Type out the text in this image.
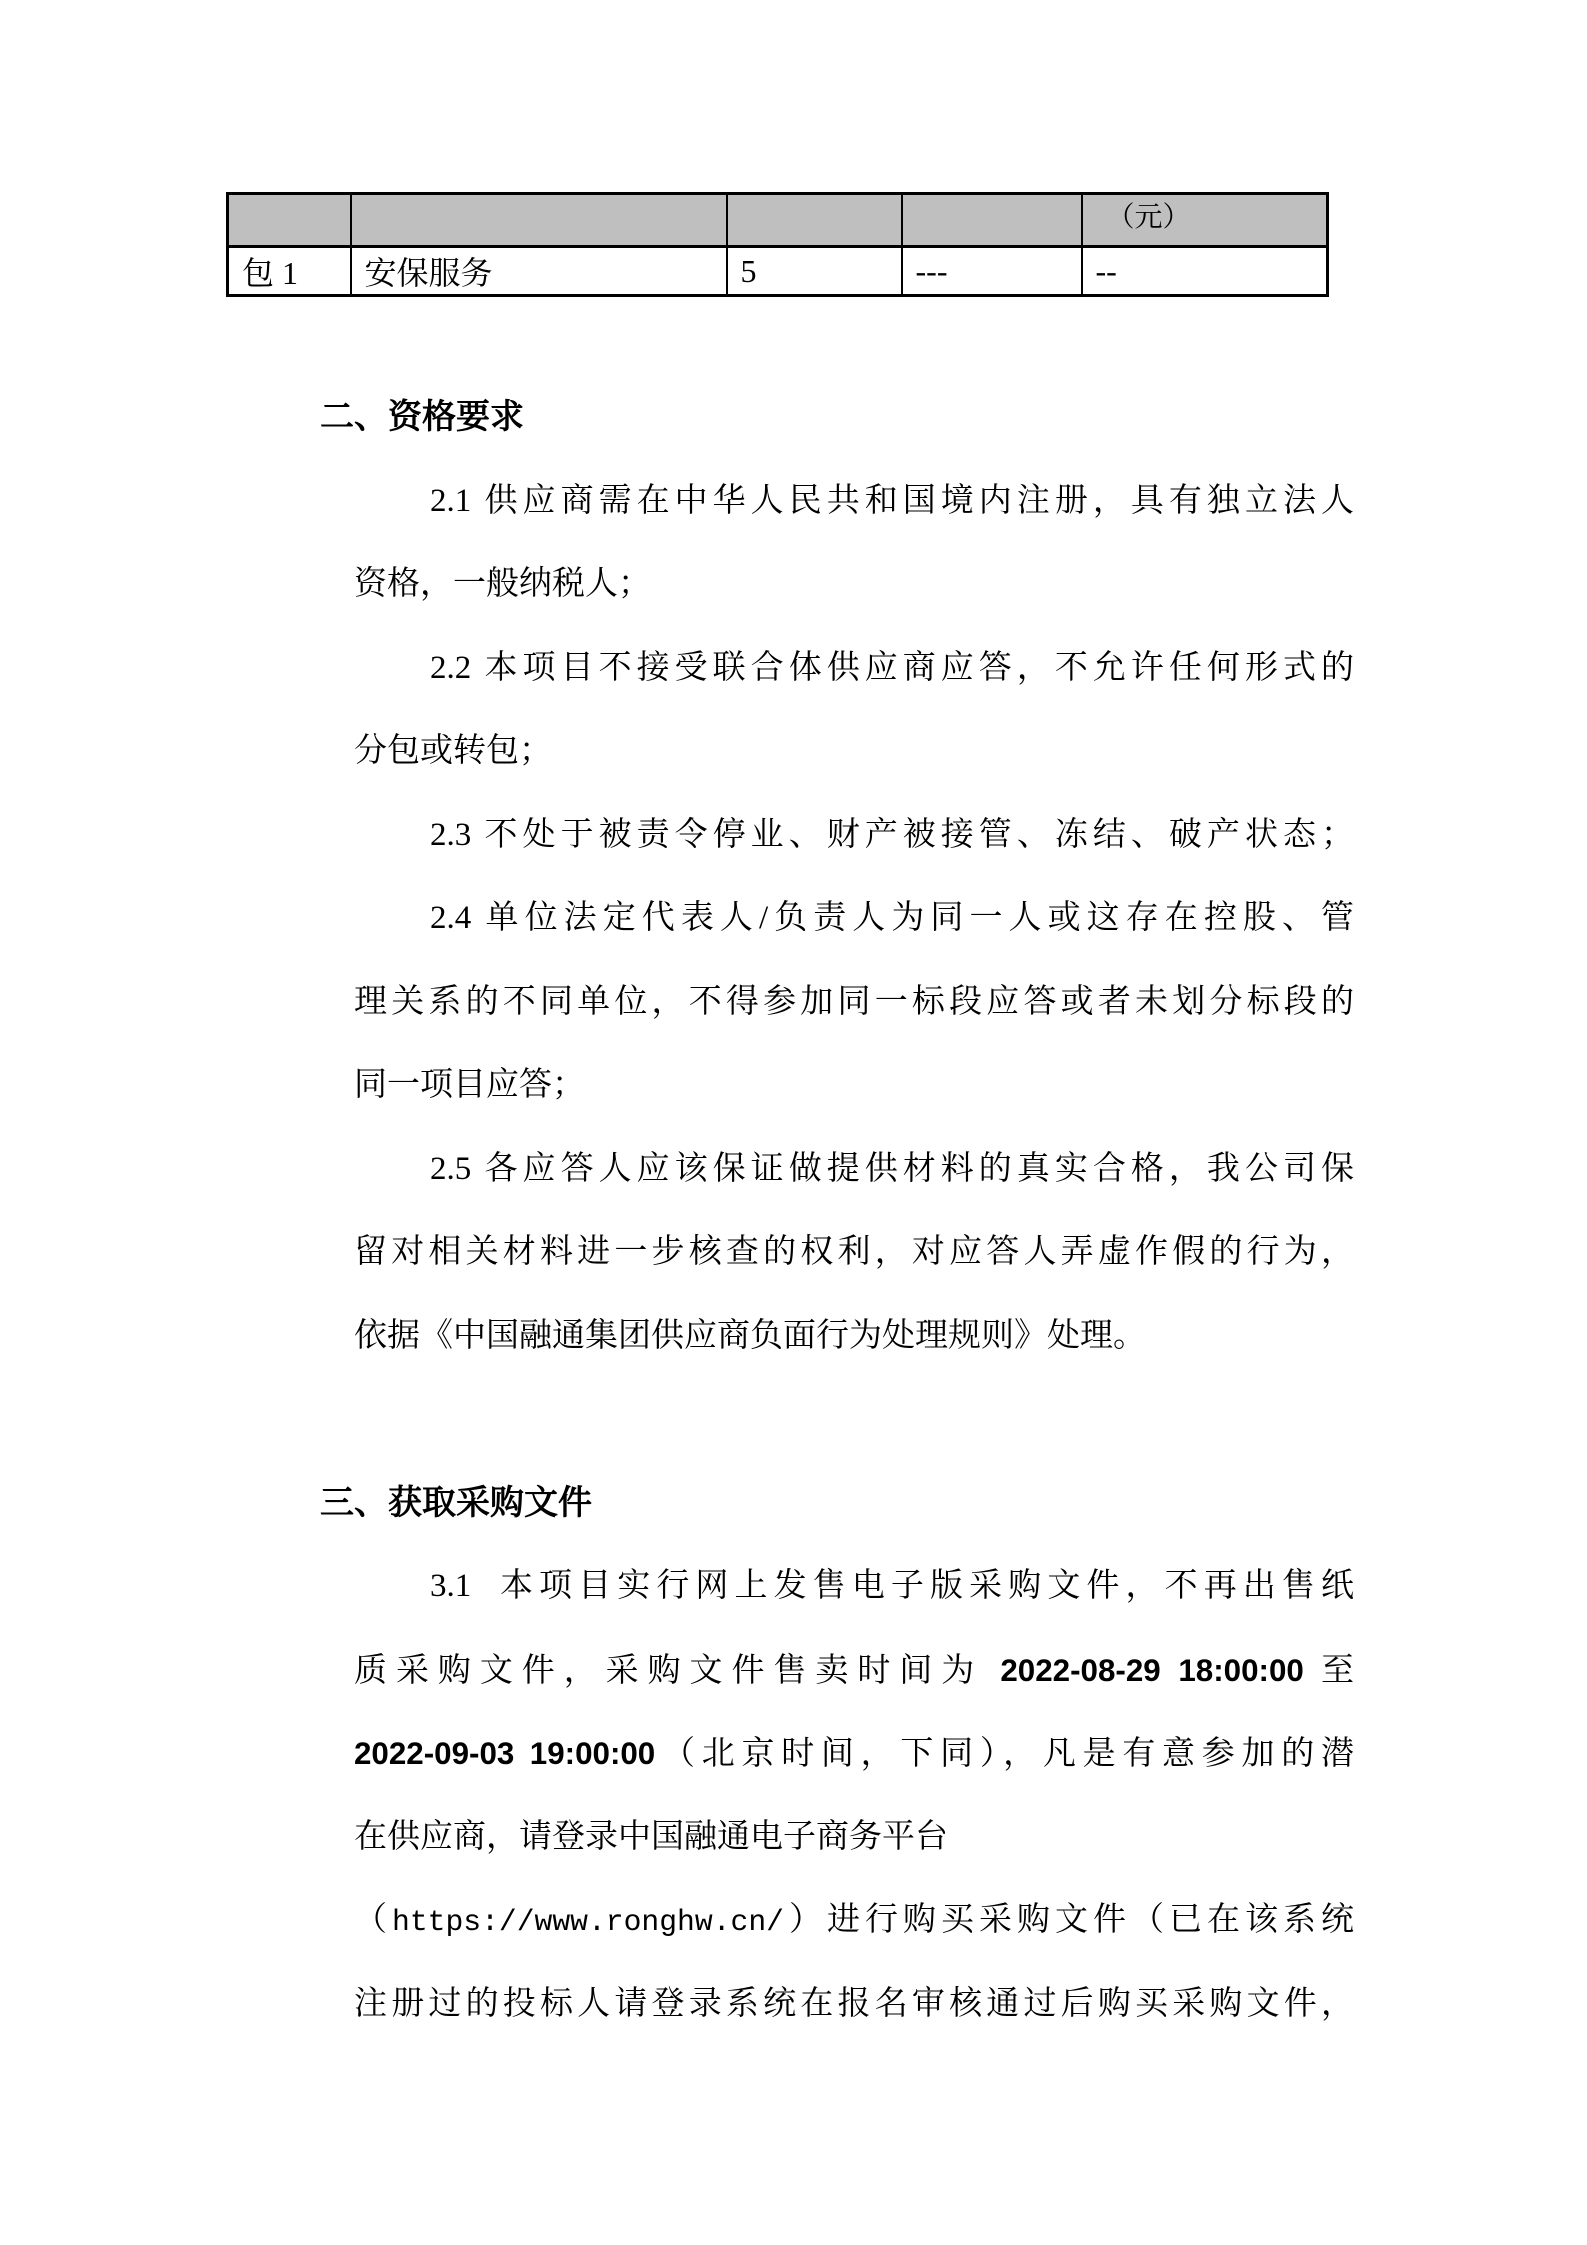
				（元）
包 1	安保服务	5	---	--
二、资格要求
2.1 供应商需在中华人民共和国境内注册，具有独立法人
资格，一般纳税人；
2.2 本项目不接受联合体供应商应答，不允许任何形式的
分包或转包；
2.3 不处于被责令停业、财产被接管、冻结、破产状态；
2.4 单位法定代表人/负责人为同一人或这存在控股、管
理关系的不同单位，不得参加同一标段应答或者未划分标段的
同一项目应答；
2.5 各应答人应该保证做提供材料的真实合格，我公司保
留对相关材料进一步核查的权利，对应答人弄虚作假的行为，
依据《中国融通集团供应商负面行为处理规则》处理。
三、获取采购文件
3.1  本项目实行网上发售电子版采购文件，不再出售纸
质采购文件，采购文件售卖时间为 2022-08-29 18:00:00 至
2022-09-03 19:00:00（北京时间，下同），凡是有意参加的潜
在供应商，请登录中国融通电子商务平台
（https://www.ronghw.cn/）进行购买采购文件（已在该系统
注册过的投标人请登录系统在报名审核通过后购买采购文件，
